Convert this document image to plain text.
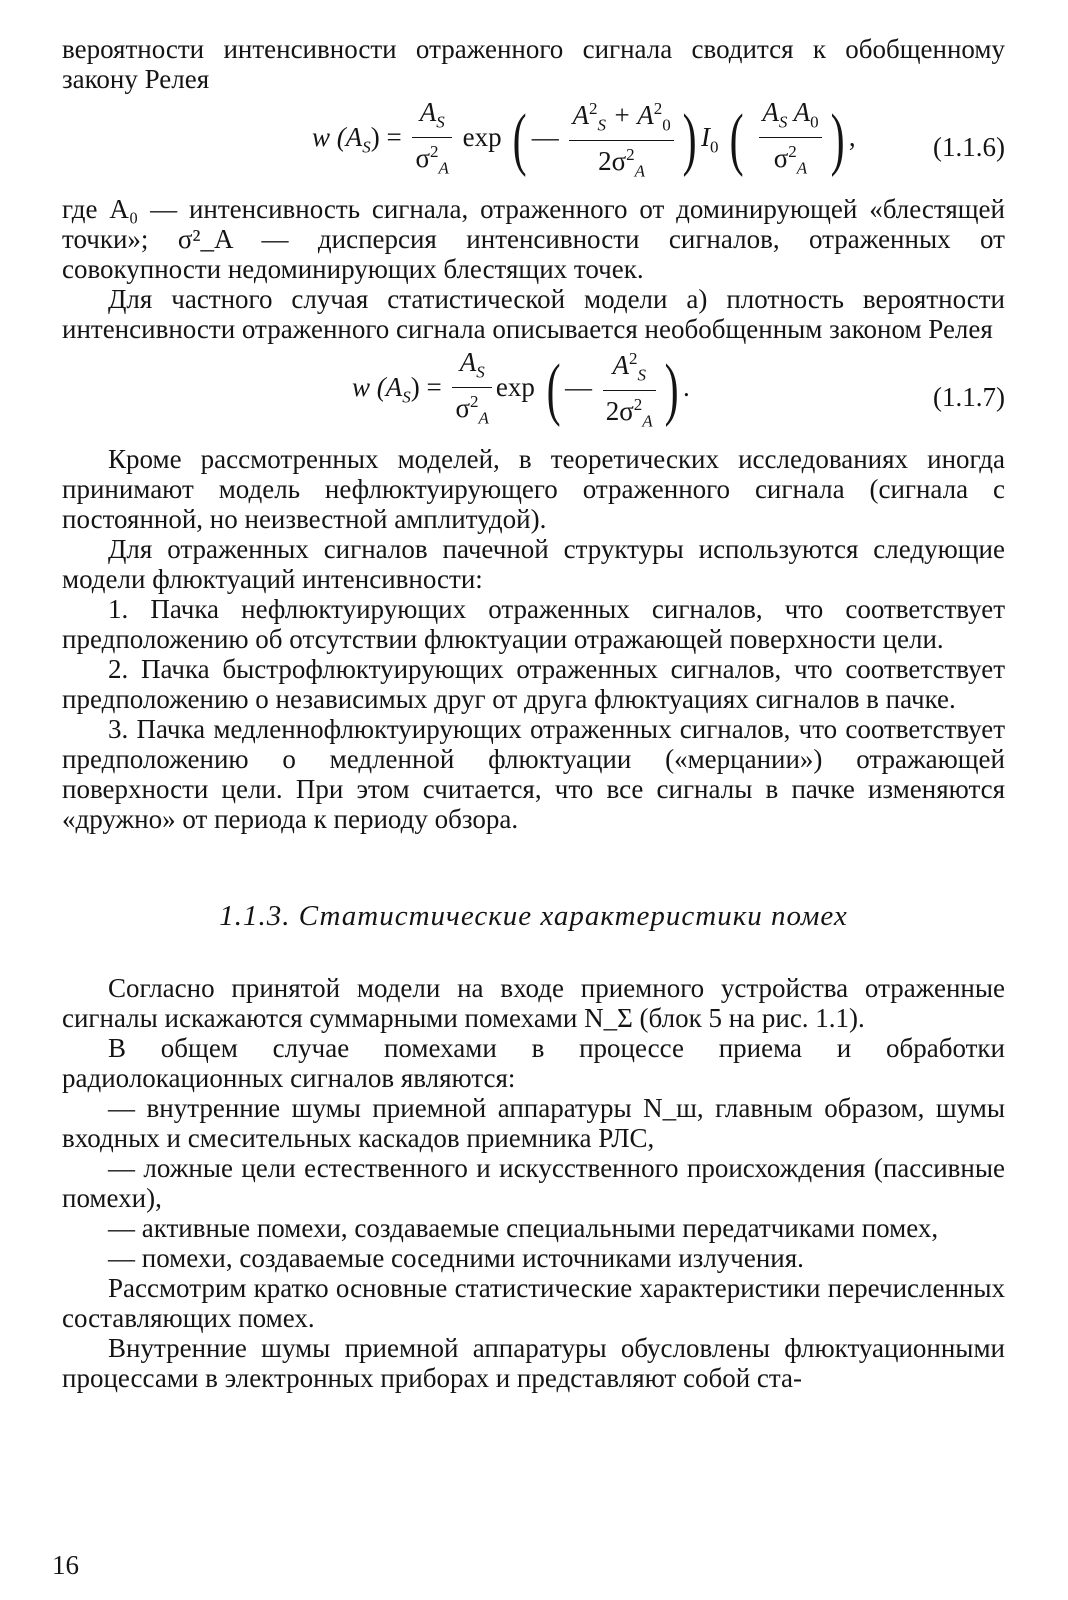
вероятности интенсивности отраженного сигнала сводится к обобщенному закону Релея

w $(A_S) = \frac{A_S}{\sigma^2_A}$ exp ( — $\frac{A^2_S + A^2_0}{2\sigma^2_A}$ ) $I_0$ ( $\frac{A_S A_0}{\sigma^2_A}$ ) ,	(1.1.6)

где A₀ — интенсивность сигнала, отраженного от доминирующей «блестящей точки»; σ²_A — дисперсия интенсивности сигналов, отраженных от совокупности недоминирующих блестящих точек.

Для частного случая статистической модели а) плотность вероятности интенсивности отраженного сигнала описывается необобщенным законом Релея

w $(A_S) = \frac{A_S}{\sigma^2_A}$ exp ( — $\frac{A^2_S}{2\sigma^2_A}$ ) .	(1.1.7)

Кроме рассмотренных моделей, в теоретических исследованиях иногда принимают модель нефлюктуирующего отраженного сигнала (сигнала с постоянной, но неизвестной амплитудой).

Для отраженных сигналов пачечной структуры используются следующие модели флюктуаций интенсивности:

1. Пачка нефлюктуирующих отраженных сигналов, что соответствует предположению об отсутствии флюктуации отражающей поверхности цели.

2. Пачка быстрофлюктуирующих отраженных сигналов, что соответствует предположению о независимых друг от друга флюктуациях сигналов в пачке.

3. Пачка медленнофлюктуирующих отраженных сигналов, что соответствует предположению о медленной флюктуации («мерцании») отражающей поверхности цели. При этом считается, что все сигналы в пачке изменяются «дружно» от периода к периоду обзора.

1.1.3. Статистические характеристики помех

Согласно принятой модели на входе приемного устройства отраженные сигналы искажаются суммарными помехами N_Σ (блок 5 на рис. 1.1).

В общем случае помехами в процессе приема и обработки радиолокационных сигналов являются:

— внутренние шумы приемной аппаратуры N_ш, главным образом, шумы входных и смесительных каскадов приемника РЛС,

— ложные цели естественного и искусственного происхождения (пассивные помехи),

— активные помехи, создаваемые специальными передатчиками помех,

— помехи, создаваемые соседними источниками излучения.

Рассмотрим кратко основные статистические характеристики перечисленных составляющих помех.

Внутренние шумы приемной аппаратуры обусловлены флюктуационными процессами в электронных приборах и представляют собой ста-

16
